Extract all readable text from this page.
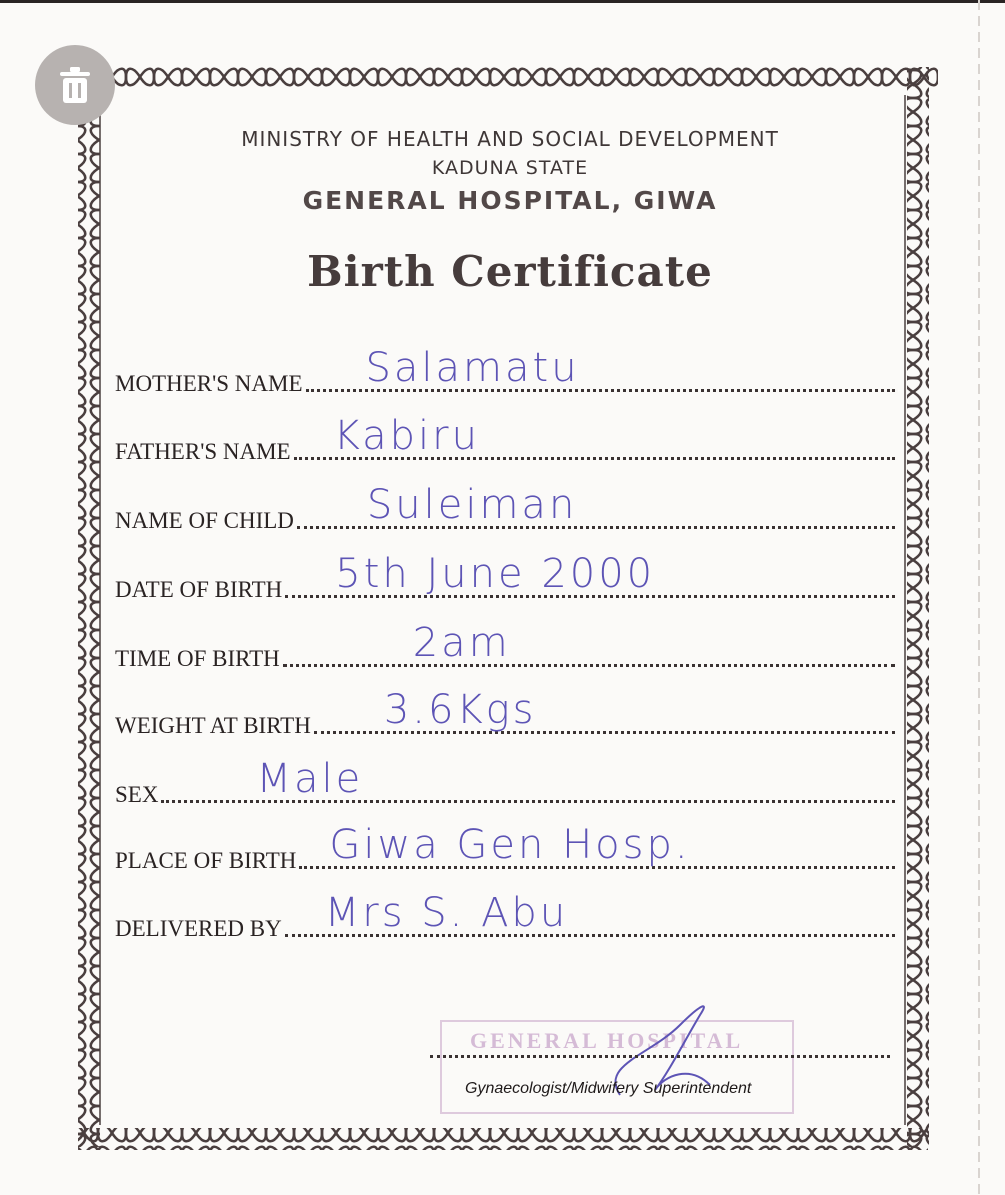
MINISTRY OF HEALTH AND SOCIAL DEVELOPMENT
KADUNA STATE
GENERAL HOSPITAL, GIWA
Birth Certificate
MOTHER'S NAME Salamatu
FATHER'S NAME Kabiru
NAME OF CHILD Suleiman
DATE OF BIRTH 5th June 2000
TIME OF BIRTH	2am
WEIGHT AT BIRTH 3.6Kgs
SEX Male
PLACE OF BIRTH Giwa Gen Hosp.
DELIVERED BY Mrs S. Abu
GENERAL HOSPITAL
Gynaecologist/Midwifery Superintendent
